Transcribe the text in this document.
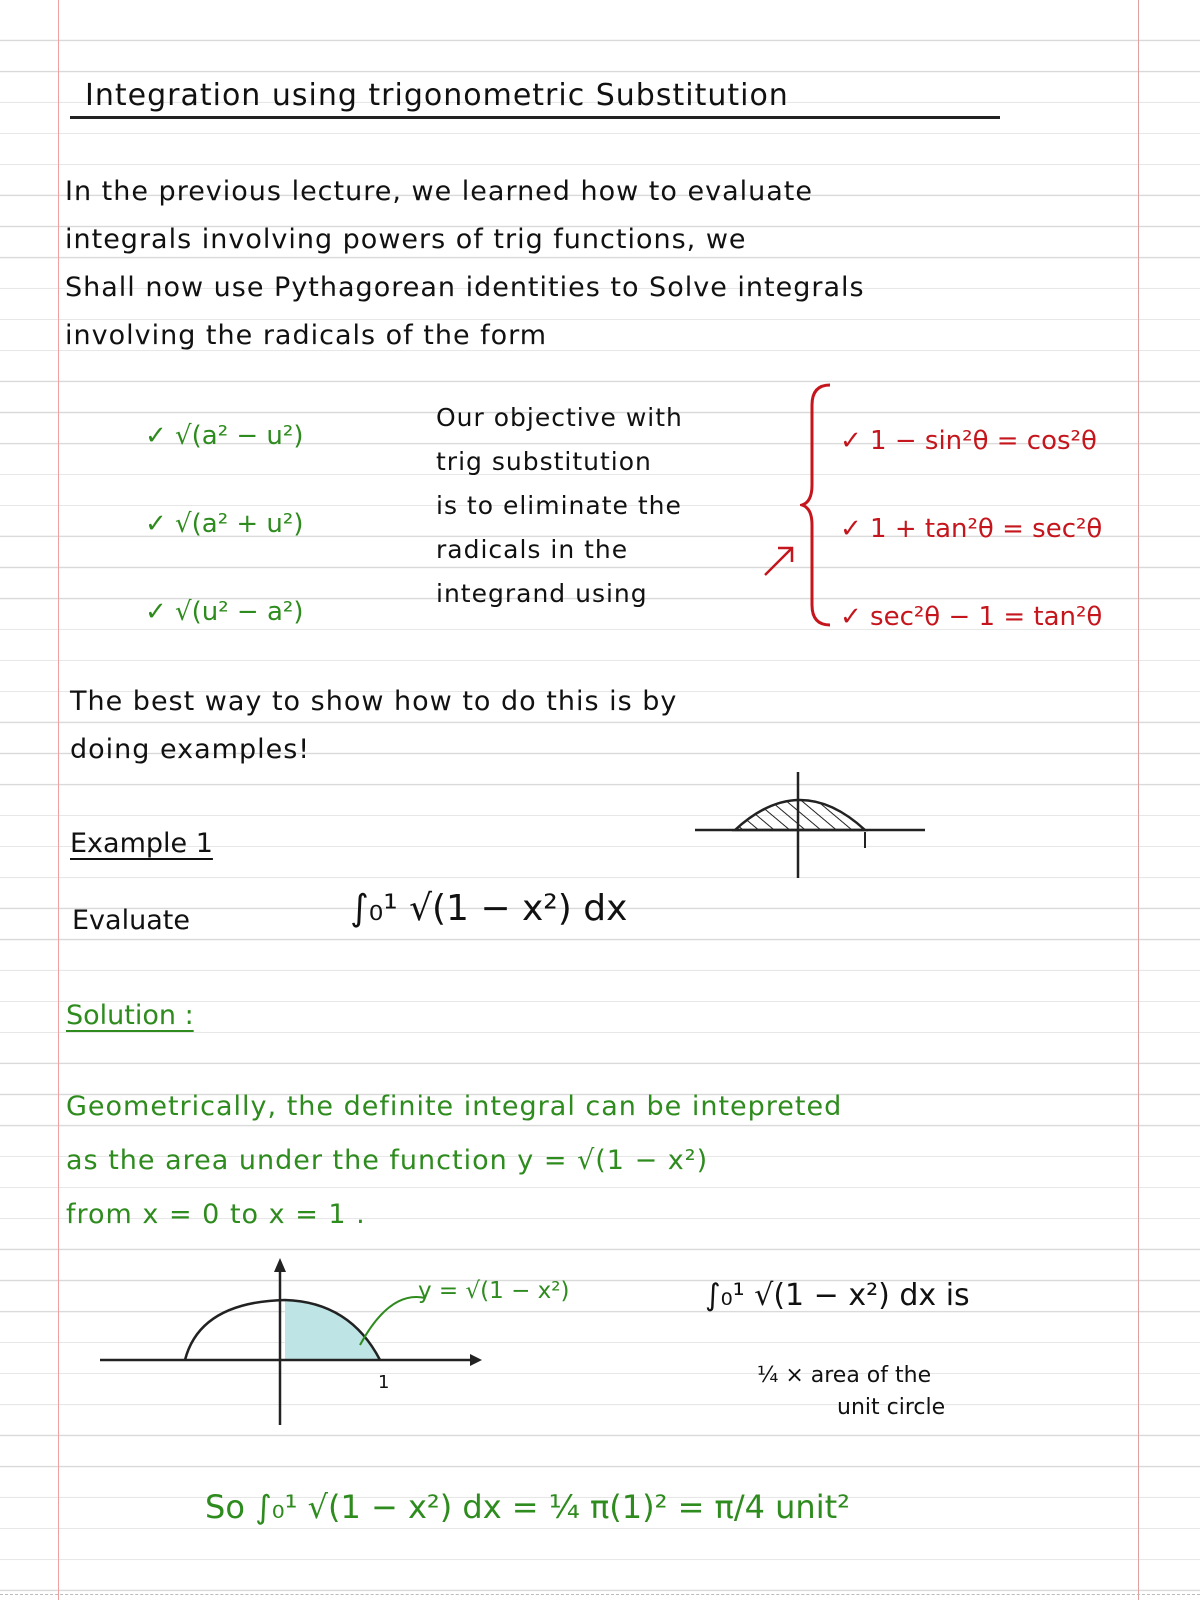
Integration using trigonometric Substitution
In the previous lecture, we learned how to evaluate
integrals involving powers of trig functions, we
Shall now use Pythagorean identities to Solve integrals
involving the radicals of the form
✓ √(a² − u²)
✓ √(a² + u²)
✓ √(u² − a²)
Our objective with
trig substitution
is to eliminate the
radicals in the
integrand using
✓ 1 − sin²θ = cos²θ
✓ 1 + tan²θ = sec²θ
✓ sec²θ − 1 = tan²θ
The best way to show how to do this is by
doing examples!
Example 1
Evaluate	∫₀¹ √(1 − x²) dx
Solution :
Geometrically, the definite integral can be intepreted
as the area under the function y = √(1 − x²)
from x = 0 to x = 1 .
1
y = √(1 − x²)	∫₀¹ √(1 − x²) dx is
¼ × area of the
unit circle
So ∫₀¹ √(1 − x²) dx = ¼ π(1)² = π/4 unit²
